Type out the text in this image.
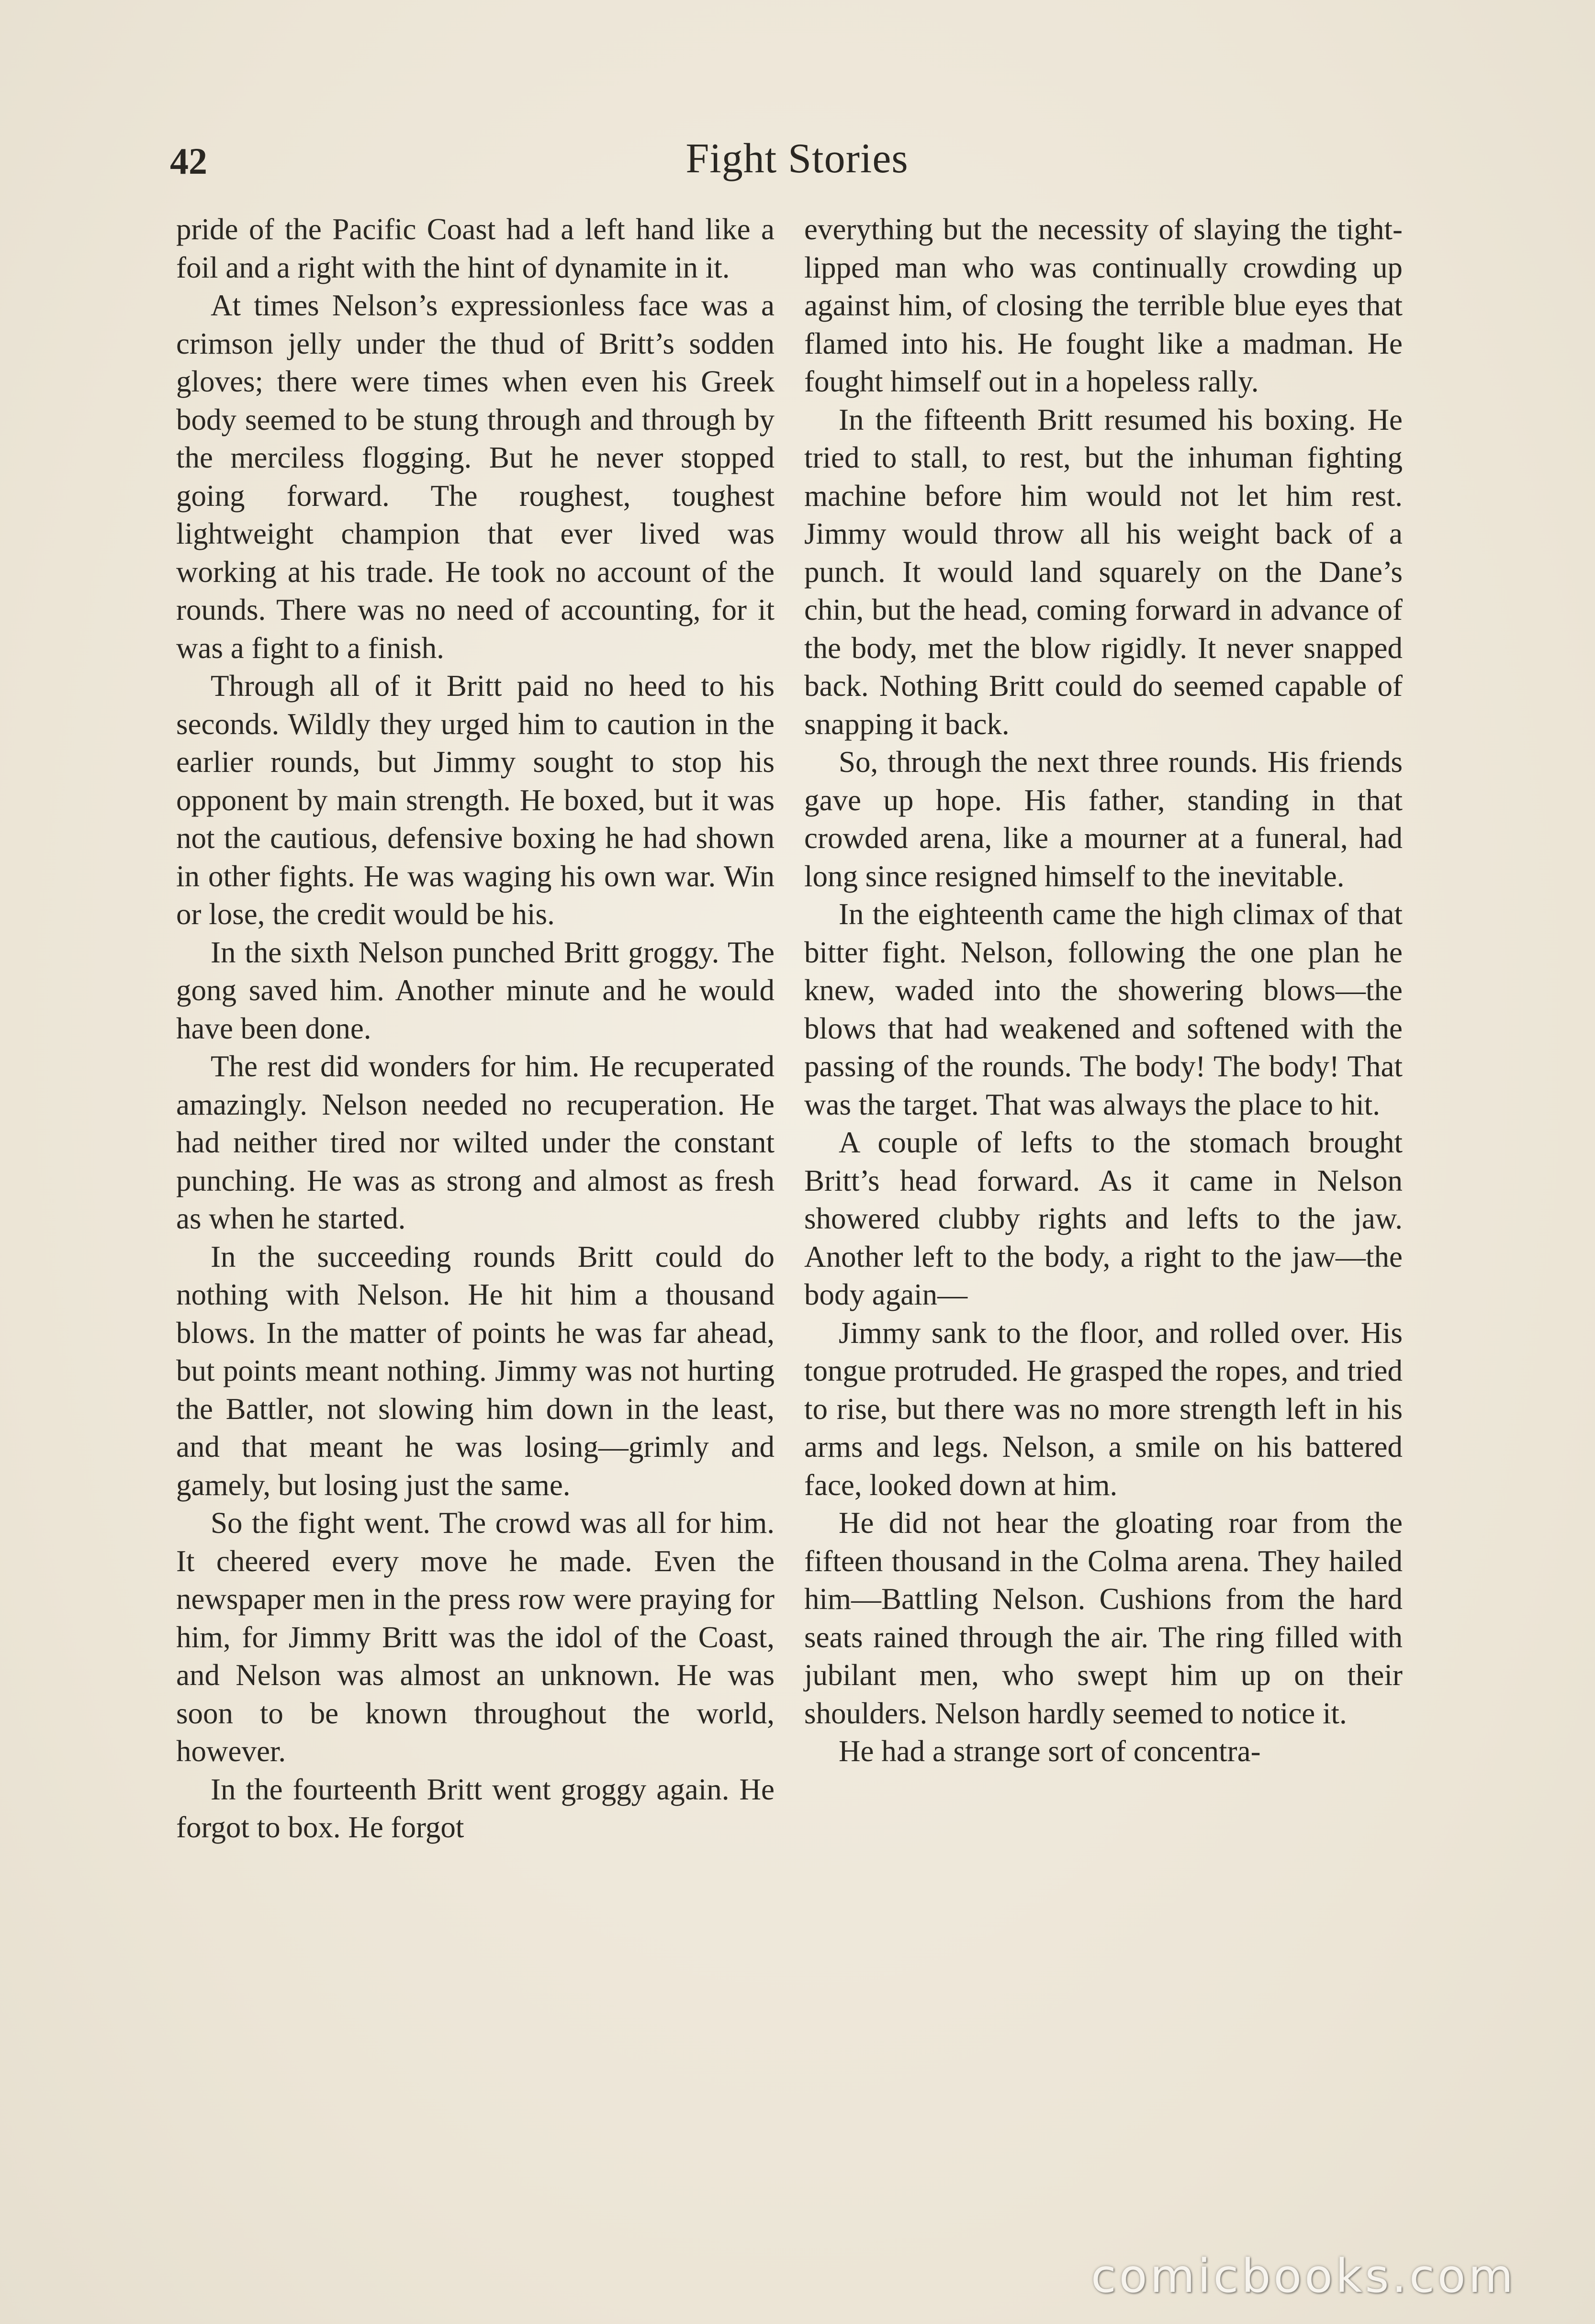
42	Fight Stories

pride of the Pacific Coast had a left hand like a foil and a right with the hint of dynamite in it.

At times Nelson’s expressionless face was a crimson jelly under the thud of Britt’s sodden gloves; there were times when even his Greek body seemed to be stung through and through by the merciless flogging. But he never stopped going forward. The roughest, toughest lightweight champion that ever lived was working at his trade. He took no account of the rounds. There was no need of accounting, for it was a fight to a finish.

Through all of it Britt paid no heed to his seconds. Wildly they urged him to caution in the earlier rounds, but Jimmy sought to stop his opponent by main strength. He boxed, but it was not the cautious, defensive boxing he had shown in other fights. He was waging his own war. Win or lose, the credit would be his.

In the sixth Nelson punched Britt groggy. The gong saved him. Another minute and he would have been done.

The rest did wonders for him. He recuperated amazingly. Nelson needed no recuperation. He had neither tired nor wilted under the constant punching. He was as strong and almost as fresh as when he started.

In the succeeding rounds Britt could do nothing with Nelson. He hit him a thousand blows. In the matter of points he was far ahead, but points meant nothing. Jimmy was not hurting the Battler, not slowing him down in the least, and that meant he was losing—grimly and gamely, but losing just the same.

So the fight went. The crowd was all for him. It cheered every move he made. Even the newspaper men in the press row were praying for him, for Jimmy Britt was the idol of the Coast, and Nelson was almost an unknown. He was soon to be known throughout the world, however.

In the fourteenth Britt went groggy again. He forgot to box. He forgot

everything but the necessity of slaying the tight-lipped man who was continually crowding up against him, of closing the terrible blue eyes that flamed into his. He fought like a madman. He fought himself out in a hopeless rally.

In the fifteenth Britt resumed his boxing. He tried to stall, to rest, but the inhuman fighting machine before him would not let him rest. Jimmy would throw all his weight back of a punch. It would land squarely on the Dane’s chin, but the head, coming forward in advance of the body, met the blow rigidly. It never snapped back. Nothing Britt could do seemed capable of snapping it back.

So, through the next three rounds. His friends gave up hope. His father, standing in that crowded arena, like a mourner at a funeral, had long since resigned himself to the inevitable.

In the eighteenth came the high climax of that bitter fight. Nelson, following the one plan he knew, waded into the showering blows—the blows that had weakened and softened with the passing of the rounds. The body! The body! That was the target. That was always the place to hit.

A couple of lefts to the stomach brought Britt’s head forward. As it came in Nelson showered clubby rights and lefts to the jaw. Another left to the body, a right to the jaw—the body again—

Jimmy sank to the floor, and rolled over. His tongue protruded. He grasped the ropes, and tried to rise, but there was no more strength left in his arms and legs. Nelson, a smile on his battered face, looked down at him.

He did not hear the gloating roar from the fifteen thousand in the Colma arena. They hailed him—Battling Nelson. Cushions from the hard seats rained through the air. The ring filled with jubilant men, who swept him up on their shoulders. Nelson hardly seemed to notice it.

He had a strange sort of concentra-

comicbooks.com
